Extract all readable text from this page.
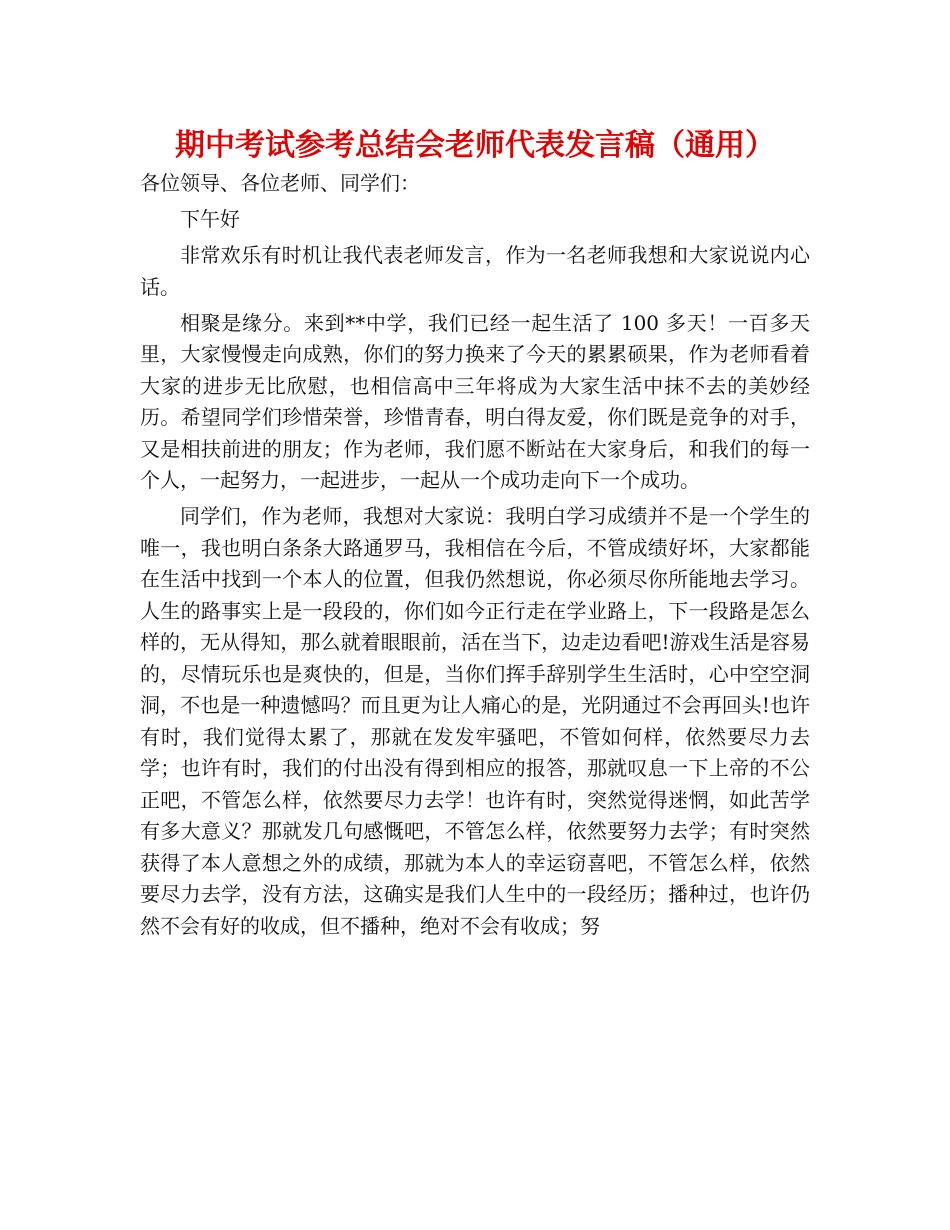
期中考试参考总结会老师代表发言稿（通用）

各位领导、各位老师、同学们：

下午好

非常欢乐有时机让我代表老师发言，作为一名老师我想和大家说说内心话。

相聚是缘分。来到**中学，我们已经一起生活了 100 多天！一百多天里，大家慢慢走向成熟，你们的努力换来了今天的累累硕果，作为老师看着大家的进步无比欣慰，也相信高中三年将成为大家生活中抹不去的美妙经历。希望同学们珍惜荣誉，珍惜青春，明白得友爱，你们既是竞争的对手，又是相扶前进的朋友；作为老师，我们愿不断站在大家身后，和我们的每一个人，一起努力，一起进步，一起从一个成功走向下一个成功。

同学们，作为老师，我想对大家说：我明白学习成绩并不是一个学生的唯一，我也明白条条大路通罗马，我相信在今后，不管成绩好坏，大家都能在生活中找到一个本人的位置，但我仍然想说，你必须尽你所能地去学习。人生的路事实上是一段段的，你们如今正行走在学业路上，下一段路是怎么样的，无从得知，那么就着眼眼前，活在当下，边走边看吧!游戏生活是容易的，尽情玩乐也是爽快的，但是，当你们挥手辞别学生生活时，心中空空洞洞，不也是一种遗憾吗？而且更为让人痛心的是，光阴通过不会再回头!也许有时，我们觉得太累了，那就在发发牢骚吧，不管如何样，依然要尽力去学；也许有时，我们的付出没有得到相应的报答，那就叹息一下上帝的不公正吧，不管怎么样，依然要尽力去学！也许有时，突然觉得迷惘，如此苦学有多大意义？那就发几句感慨吧，不管怎么样，依然要努力去学；有时突然获得了本人意想之外的成绩，那就为本人的幸运窃喜吧，不管怎么样，依然要尽力去学，没有方法，这确实是我们人生中的一段经历；播种过，也许仍然不会有好的收成，但不播种，绝对不会有收成；努
